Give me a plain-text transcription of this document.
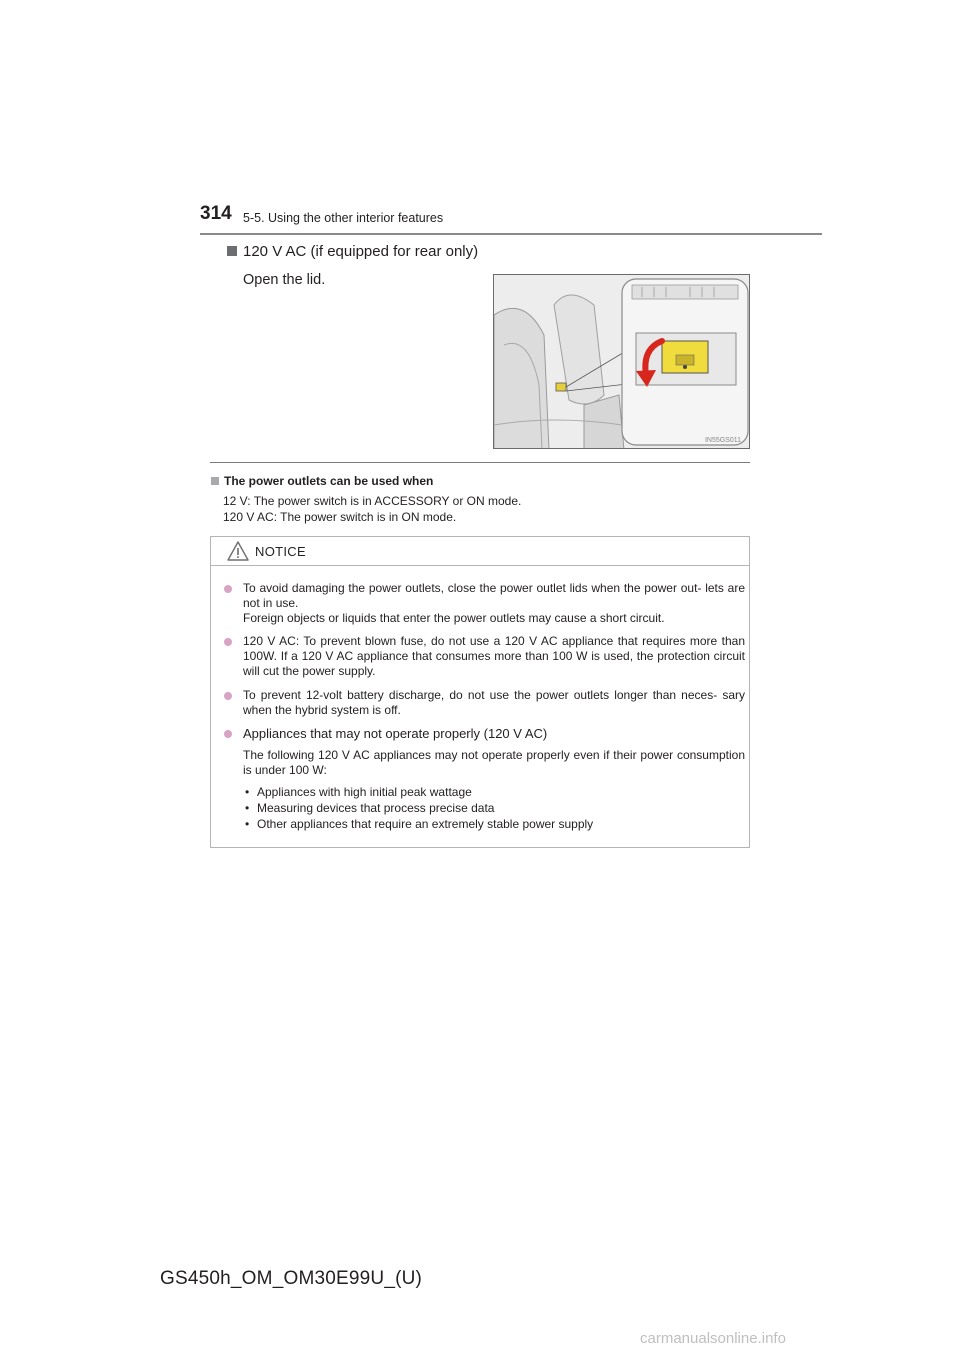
314 5-5. Using the other interior features
120 V AC (if equipped for rear only)
Open the lid.
IN55GS011
The power outlets can be used when
12 V: The power switch is in ACCESSORY or ON mode.
120 V AC: The power switch is in ON mode.
NOTICE

To avoid damaging the power outlets, close the power outlet lids when the power out- lets are not in use.

Foreign objects or liquids that enter the power outlets may cause a short circuit.

120 V AC: To prevent blown fuse, do not use a 120 V AC appliance that requires more than 100W. If a 120 V AC appliance that consumes more than 100 W is used, the protection circuit will cut the power supply.

To prevent 12-volt battery discharge, do not use the power outlets longer than neces- sary when the hybrid system is off.

Appliances that may not operate properly (120 V AC)

The following 120 V AC appliances may not operate properly even if their power consumption is under 100 W:

• Appliances with high initial peak wattage
• Measuring devices that process precise data
• Other appliances that require an extremely stable power supply
GS450h_OM_OM30E99U_(U)
carmanualsonline.info
